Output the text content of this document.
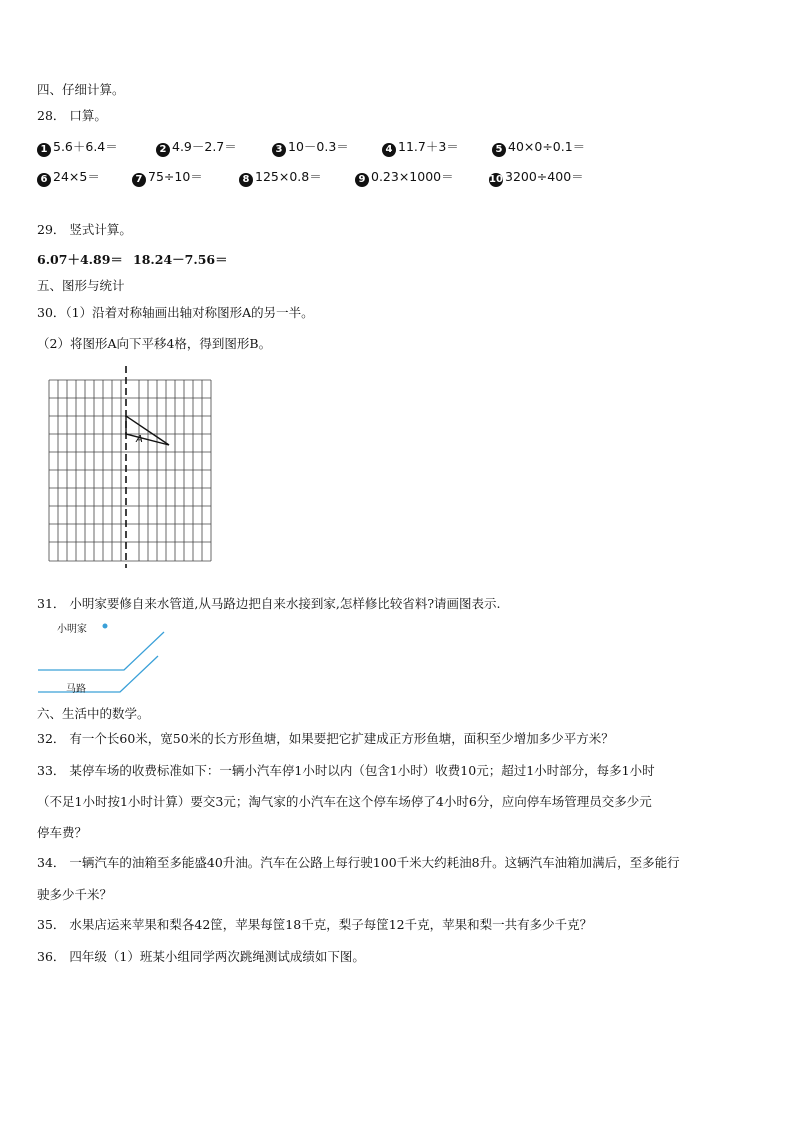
四、仔细计算。
28． 口算。
1 5.6＋6.4＝	2 4.9－2.7＝	3 10－0.3＝	4 11.7＋3＝	5 40×0÷0.1＝
6 24×5＝	7 75÷10＝	8 125×0.8＝	9 0.23×1000＝	10 3200÷400＝
29． 竖式计算。
6.07＋4.89＝ 18.24－7.56＝
五、图形与统计
30．（1）沿着对称轴画出轴对称图形A的另一半。
（2）将图形A向下平移4格，得到图形B。
A
31． 小明家要修自来水管道,从马路边把自来水接到家,怎样修比较省料?请画图表示.
小明家
马路
六、生活中的数学。
32． 有一个长60米，宽50米的长方形鱼塘，如果要把它扩建成正方形鱼塘，面积至少增加多少平方米？
33． 某停车场的收费标准如下：一辆小汽车停1小时以内（包含1小时）收费10元；超过1小时部分，每多1小时
（不足1小时按1小时计算）要交3元；淘气家的小汽车在这个停车场停了4小时6分，应向停车场管理员交多少元
停车费？
34． 一辆汽车的油箱至多能盛40升油。汽车在公路上每行驶100千米大约耗油8升。这辆汽车油箱加满后，至多能行
驶多少千米？
35． 水果店运来苹果和梨各42筐，苹果每筐18千克，梨子每筐12千克，苹果和梨一共有多少千克？
36． 四年级（1）班某小组同学两次跳绳测试成绩如下图。
